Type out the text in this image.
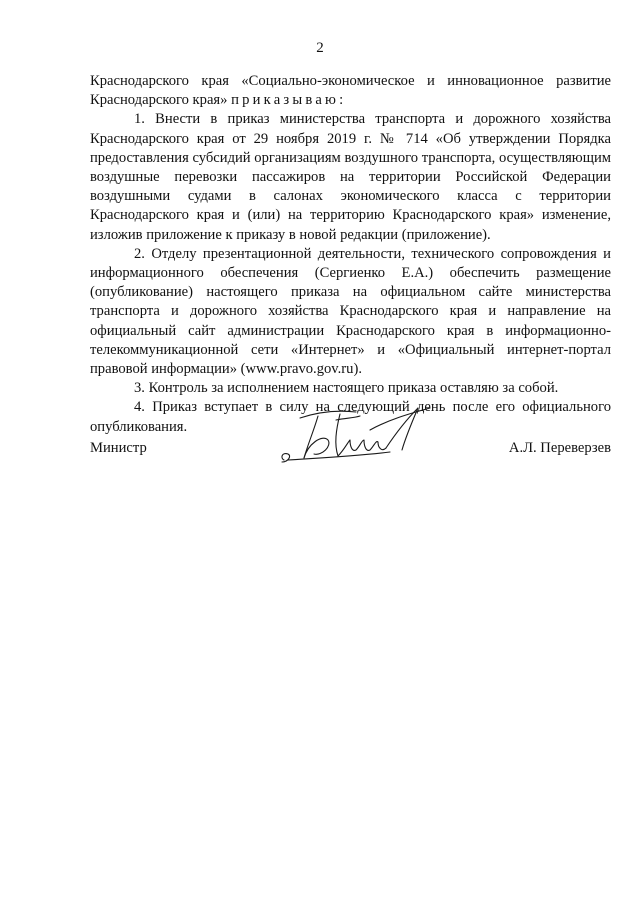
2

Краснодарского края «Социально-экономическое и инновационное развитие Краснодарского края» приказываю:

1. Внести в приказ министерства транспорта и дорожного хозяйства Краснодарского края от 29 ноября 2019 г. № 714 «Об утверждении Порядка предоставления субсидий организациям воздушного транспорта, осуществляющим воздушные перевозки пассажиров на территории Российской Федерации воздушными судами в салонах экономического класса с территории Краснодарского края и (или) на территорию Краснодарского края» изменение, изложив приложение к приказу в новой редакции (приложение).

2. Отделу презентационной деятельности, технического сопровождения и информационного обеспечения (Сергиенко Е.А.) обеспечить размещение (опубликование) настоящего приказа на официальном сайте министерства транспорта и дорожного хозяйства Краснодарского края и направление на официальный сайт администрации Краснодарского края в информационно-телекоммуникационной сети «Интернет» и «Официальный интернет-портал правовой информации» (www.pravo.gov.ru).

3. Контроль за исполнением настоящего приказа оставляю за собой.

4. Приказ вступает в силу на следующий день после его официального опубликования.

Министр	А.Л. Переверзев
